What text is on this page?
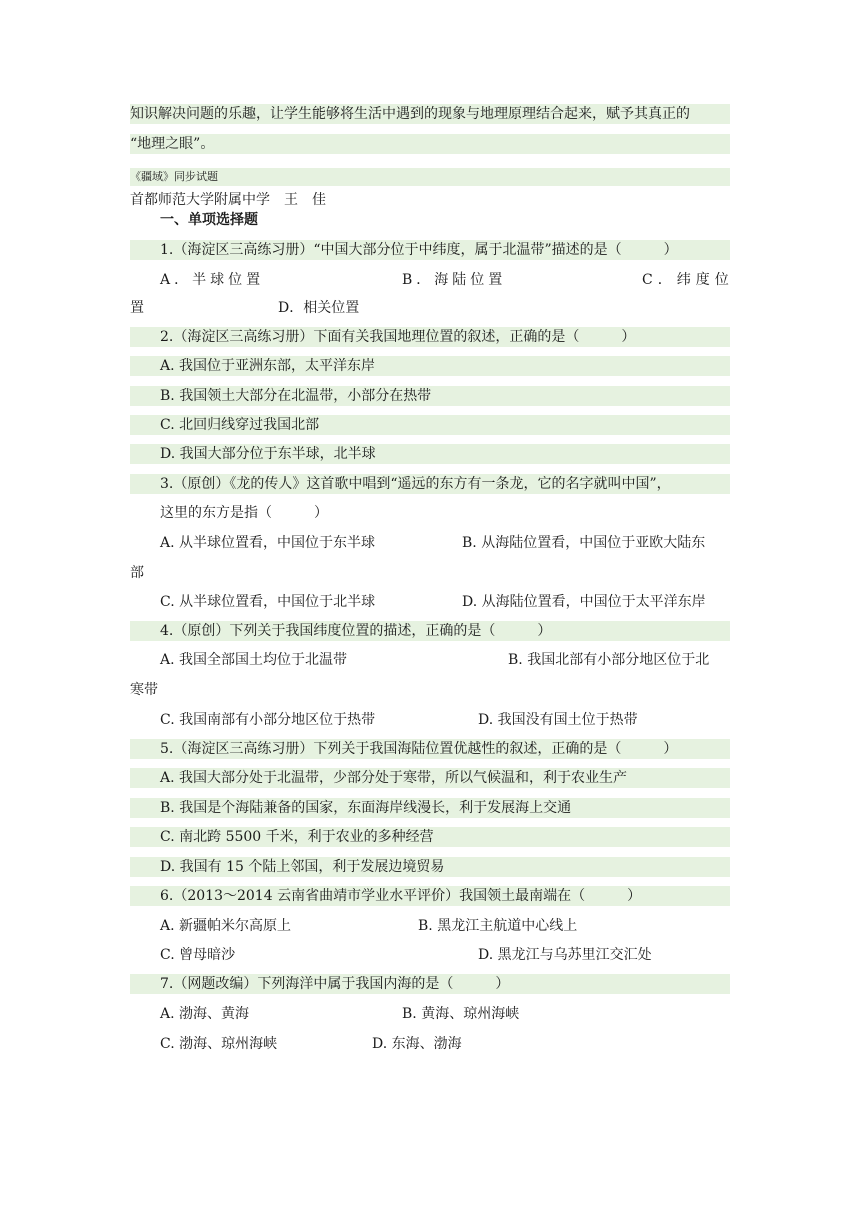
知识解决问题的乐趣，让学生能够将生活中遇到的现象与地理原理结合起来，赋予其真正的
“地理之眼”。
《疆域》同步试题
首都师范大学附属中学　王　佳
一、单项选择题
1.（海淀区三高练习册）“中国大部分位于中纬度，属于北温带”描述的是（　　　）
A．半球位置	B．海陆位置	C．纬度位
置	D．相关位置
2.（海淀区三高练习册）下面有关我国地理位置的叙述，正确的是（　　　）
A. 我国位于亚洲东部，太平洋东岸
B. 我国领土大部分在北温带，小部分在热带
C. 北回归线穿过我国北部
D. 我国大部分位于东半球，北半球
3.（原创）《龙的传人》这首歌中唱到“遥远的东方有一条龙，它的名字就叫中国”，
这里的东方是指（　　　）
A. 从半球位置看，中国位于东半球	B. 从海陆位置看，中国位于亚欧大陆东
部
C. 从半球位置看，中国位于北半球	D. 从海陆位置看，中国位于太平洋东岸
4.（原创）下列关于我国纬度位置的描述，正确的是（　　　）
A. 我国全部国土均位于北温带	B. 我国北部有小部分地区位于北
寒带
C. 我国南部有小部分地区位于热带	D. 我国没有国土位于热带
5.（海淀区三高练习册）下列关于我国海陆位置优越性的叙述，正确的是（　　　）
A. 我国大部分处于北温带，少部分处于寒带，所以气候温和，利于农业生产
B. 我国是个海陆兼备的国家，东面海岸线漫长，利于发展海上交通
C. 南北跨 5500 千米，利于农业的多种经营
D. 我国有 15 个陆上邻国，利于发展边境贸易
6.（2013～2014 云南省曲靖市学业水平评价）我国领土最南端在（　　　）
A. 新疆帕米尔高原上	B. 黑龙江主航道中心线上
C. 曾母暗沙	D. 黑龙江与乌苏里江交汇处
7.（网题改编）下列海洋中属于我国内海的是（　　　）
A. 渤海、黄海	B. 黄海、琼州海峡
C. 渤海、琼州海峡	D. 东海、渤海
